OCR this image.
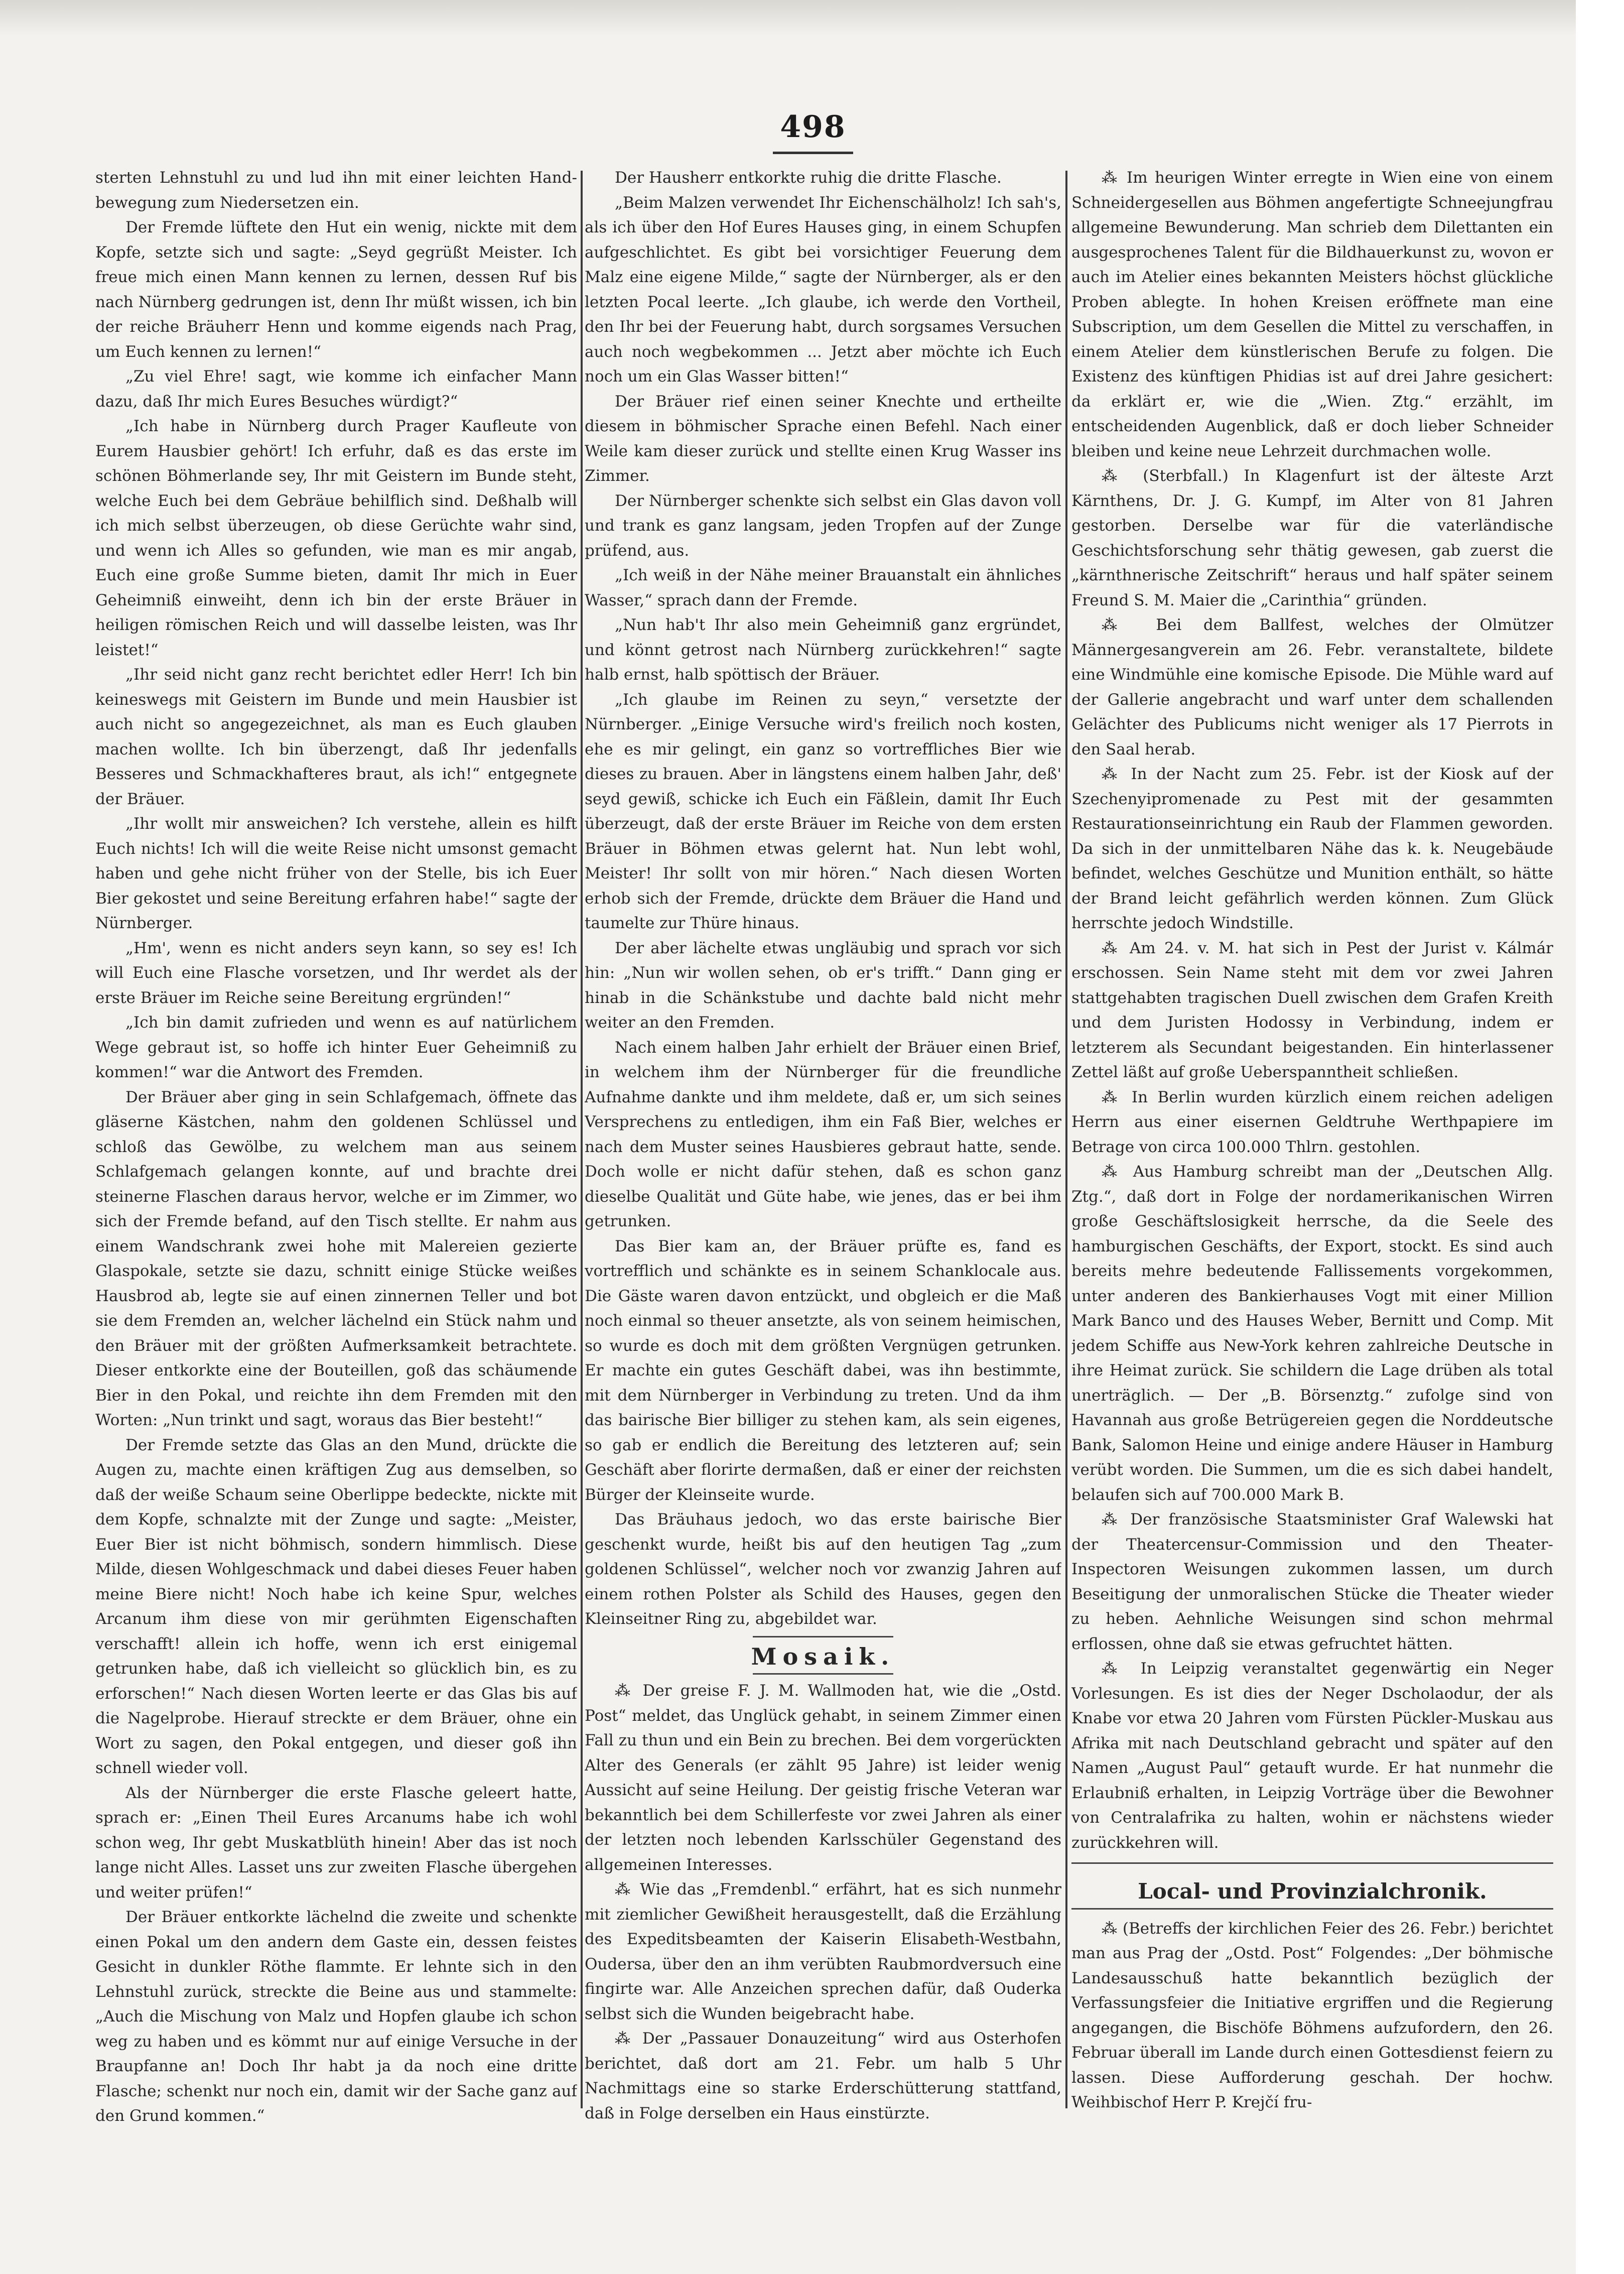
498

sterten Lehnstuhl zu und lud ihn mit einer leichten Hand-bewegung zum Niedersetzen ein.

Der Fremde lüftete den Hut ein wenig, nickte mit dem Kopfe, setzte sich und sagte: „Seyd gegrüßt Meister. Ich freue mich einen Mann kennen zu lernen, dessen Ruf bis nach Nürnberg gedrungen ist, denn Ihr müßt wissen, ich bin der reiche Bräuherr Henn und komme eigends nach Prag, um Euch kennen zu lernen!“

„Zu viel Ehre! sagt, wie komme ich einfacher Mann dazu, daß Ihr mich Eures Besuches würdigt?“

„Ich habe in Nürnberg durch Prager Kaufleute von Eurem Hausbier gehört! Ich erfuhr, daß es das erste im schönen Böhmerlande sey, Ihr mit Geistern im Bunde steht, welche Euch bei dem Gebräue behilflich sind. Deßhalb will ich mich selbst überzeugen, ob diese Gerüchte wahr sind, und wenn ich Alles so gefunden, wie man es mir angab, Euch eine große Summe bieten, damit Ihr mich in Euer Geheimniß einweiht, denn ich bin der erste Bräuer in heiligen römischen Reich und will dasselbe leisten, was Ihr leistet!“

„Ihr seid nicht ganz recht berichtet edler Herr! Ich bin keineswegs mit Geistern im Bunde und mein Hausbier ist auch nicht so angegezeichnet, als man es Euch glauben machen wollte. Ich bin überzengt, daß Ihr jedenfalls Besseres und Schmackhafteres braut, als ich!“ entgegnete der Bräuer.

„Ihr wollt mir answeichen? Ich verstehe, allein es hilft Euch nichts! Ich will die weite Reise nicht umsonst gemacht haben und gehe nicht früher von der Stelle, bis ich Euer Bier gekostet und seine Bereitung erfahren habe!“ sagte der Nürnberger.

„Hm', wenn es nicht anders seyn kann, so sey es! Ich will Euch eine Flasche vorsetzen, und Ihr werdet als der erste Bräuer im Reiche seine Bereitung ergründen!“

„Ich bin damit zufrieden und wenn es auf natürlichem Wege gebraut ist, so hoffe ich hinter Euer Geheimniß zu kommen!“ war die Antwort des Fremden.

Der Bräuer aber ging in sein Schlafgemach, öffnete das gläserne Kästchen, nahm den goldenen Schlüssel und schloß das Gewölbe, zu welchem man aus seinem Schlafgemach gelangen konnte, auf und brachte drei steinerne Flaschen daraus hervor, welche er im Zimmer, wo sich der Fremde befand, auf den Tisch stellte. Er nahm aus einem Wandschrank zwei hohe mit Malereien gezierte Glaspokale, setzte sie dazu, schnitt einige Stücke weißes Hausbrod ab, legte sie auf einen zinnernen Teller und bot sie dem Fremden an, welcher lächelnd ein Stück nahm und den Bräuer mit der größten Aufmerksamkeit betrachtete. Dieser entkorkte eine der Bouteillen, goß das schäumende Bier in den Pokal, und reichte ihn dem Fremden mit den Worten: „Nun trinkt und sagt, woraus das Bier besteht!“

Der Fremde setzte das Glas an den Mund, drückte die Augen zu, machte einen kräftigen Zug aus demselben, so daß der weiße Schaum seine Oberlippe bedeckte, nickte mit dem Kopfe, schnalzte mit der Zunge und sagte: „Meister, Euer Bier ist nicht böhmisch, sondern himmlisch. Diese Milde, diesen Wohlgeschmack und dabei dieses Feuer haben meine Biere nicht! Noch habe ich keine Spur, welches Arcanum ihm diese von mir gerühmten Eigenschaften verschafft! allein ich hoffe, wenn ich erst einigemal getrunken habe, daß ich vielleicht so glücklich bin, es zu erforschen!“ Nach diesen Worten leerte er das Glas bis auf die Nagelprobe. Hierauf streckte er dem Bräuer, ohne ein Wort zu sagen, den Pokal entgegen, und dieser goß ihn schnell wieder voll.

Als der Nürnberger die erste Flasche geleert hatte, sprach er: „Einen Theil Eures Arcanums habe ich wohl schon weg, Ihr gebt Muskatblüth hinein! Aber das ist noch lange nicht Alles. Lasset uns zur zweiten Flasche übergehen und weiter prüfen!“

Der Bräuer entkorkte lächelnd die zweite und schenkte einen Pokal um den andern dem Gaste ein, dessen feistes Gesicht in dunkler Röthe flammte. Er lehnte sich in den Lehnstuhl zurück, streckte die Beine aus und stammelte: „Auch die Mischung von Malz und Hopfen glaube ich schon weg zu haben und es kömmt nur auf einige Versuche in der Braupfanne an! Doch Ihr habt ja da noch eine dritte Flasche; schenkt nur noch ein, damit wir der Sache ganz auf den Grund kommen.“

Der Hausherr entkorkte ruhig die dritte Flasche.

„Beim Malzen verwendet Ihr Eichenschälholz! Ich sah's, als ich über den Hof Eures Hauses ging, in einem Schupfen aufgeschlichtet. Es gibt bei vorsichtiger Feuerung dem Malz eine eigene Milde,“ sagte der Nürnberger, als er den letzten Pocal leerte. „Ich glaube, ich werde den Vortheil, den Ihr bei der Feuerung habt, durch sorgsames Versuchen auch noch wegbekommen ... Jetzt aber möchte ich Euch noch um ein Glas Wasser bitten!“

Der Bräuer rief einen seiner Knechte und ertheilte diesem in böhmischer Sprache einen Befehl. Nach einer Weile kam dieser zurück und stellte einen Krug Wasser ins Zimmer.

Der Nürnberger schenkte sich selbst ein Glas davon voll und trank es ganz langsam, jeden Tropfen auf der Zunge prüfend, aus.

„Ich weiß in der Nähe meiner Brauanstalt ein ähnliches Wasser,“ sprach dann der Fremde.

„Nun hab't Ihr also mein Geheimniß ganz ergründet, und könnt getrost nach Nürnberg zurückkehren!“ sagte halb ernst, halb spöttisch der Bräuer.

„Ich glaube im Reinen zu seyn,“ versetzte der Nürnberger. „Einige Versuche wird's freilich noch kosten, ehe es mir gelingt, ein ganz so vortreffliches Bier wie dieses zu brauen. Aber in längstens einem halben Jahr, deß' seyd gewiß, schicke ich Euch ein Fäßlein, damit Ihr Euch überzeugt, daß der erste Bräuer im Reiche von dem ersten Bräuer in Böhmen etwas gelernt hat. Nun lebt wohl, Meister! Ihr sollt von mir hören.“ Nach diesen Worten erhob sich der Fremde, drückte dem Bräuer die Hand und taumelte zur Thüre hinaus.

Der aber lächelte etwas ungläubig und sprach vor sich hin: „Nun wir wollen sehen, ob er's trifft.“ Dann ging er hinab in die Schänkstube und dachte bald nicht mehr weiter an den Fremden.

Nach einem halben Jahr erhielt der Bräuer einen Brief, in welchem ihm der Nürnberger für die freundliche Aufnahme dankte und ihm meldete, daß er, um sich seines Versprechens zu entledigen, ihm ein Faß Bier, welches er nach dem Muster seines Hausbieres gebraut hatte, sende. Doch wolle er nicht dafür stehen, daß es schon ganz dieselbe Qualität und Güte habe, wie jenes, das er bei ihm getrunken.

Das Bier kam an, der Bräuer prüfte es, fand es vortrefflich und schänkte es in seinem Schanklocale aus. Die Gäste waren davon entzückt, und obgleich er die Maß noch einmal so theuer ansetzte, als von seinem heimischen, so wurde es doch mit dem größten Vergnügen getrunken. Er machte ein gutes Geschäft dabei, was ihn bestimmte, mit dem Nürnberger in Verbindung zu treten. Und da ihm das bairische Bier billiger zu stehen kam, als sein eigenes, so gab er endlich die Bereitung des letzteren auf; sein Geschäft aber florirte dermaßen, daß er einer der reichsten Bürger der Kleinseite wurde.

Das Bräuhaus jedoch, wo das erste bairische Bier geschenkt wurde, heißt bis auf den heutigen Tag „zum goldenen Schlüssel“, welcher noch vor zwanzig Jahren auf einem rothen Polster als Schild des Hauses, gegen den Kleinseitner Ring zu, abgebildet war.

Mosaik.

⁂ Der greise F. J. M. Wallmoden hat, wie die „Ostd. Post“ meldet, das Unglück gehabt, in seinem Zimmer einen Fall zu thun und ein Bein zu brechen. Bei dem vorgerückten Alter des Generals (er zählt 95 Jahre) ist leider wenig Aussicht auf seine Heilung. Der geistig frische Veteran war bekanntlich bei dem Schillerfeste vor zwei Jahren als einer der letzten noch lebenden Karlsschüler Gegenstand des allgemeinen Interesses.

⁂ Wie das „Fremdenbl.“ erfährt, hat es sich nunmehr mit ziemlicher Gewißheit herausgestellt, daß die Erzählung des Expeditsbeamten der Kaiserin Elisabeth-Westbahn, Oudersa, über den an ihm verübten Raubmordversuch eine fingirte war. Alle Anzeichen sprechen dafür, daß Ouderka selbst sich die Wunden beigebracht habe.

⁂ Der „Passauer Donauzeitung“ wird aus Osterhofen berichtet, daß dort am 21. Febr. um halb 5 Uhr Nachmittags eine so starke Erderschütterung stattfand, daß in Folge derselben ein Haus einstürzte.

⁂ Im heurigen Winter erregte in Wien eine von einem Schneidergesellen aus Böhmen angefertigte Schneejungfrau allgemeine Bewunderung. Man schrieb dem Dilettanten ein ausgesprochenes Talent für die Bildhauerkunst zu, wovon er auch im Atelier eines bekannten Meisters höchst glückliche Proben ablegte. In hohen Kreisen eröffnete man eine Subscription, um dem Gesellen die Mittel zu verschaffen, in einem Atelier dem künstlerischen Berufe zu folgen. Die Existenz des künftigen Phidias ist auf drei Jahre gesichert: da erklärt er, wie die „Wien. Ztg.“ erzählt, im entscheidenden Augenblick, daß er doch lieber Schneider bleiben und keine neue Lehrzeit durchmachen wolle.

⁂ (Sterbfall.) In Klagenfurt ist der älteste Arzt Kärnthens, Dr. J. G. Kumpf, im Alter von 81 Jahren gestorben. Derselbe war für die vaterländische Geschichtsforschung sehr thätig gewesen, gab zuerst die „kärnthnerische Zeitschrift“ heraus und half später seinem Freund S. M. Maier die „Carinthia“ gründen.

⁂ Bei dem Ballfest, welches der Olmützer Männergesangverein am 26. Febr. veranstaltete, bildete eine Windmühle eine komische Episode. Die Mühle ward auf der Gallerie angebracht und warf unter dem schallenden Gelächter des Publicums nicht weniger als 17 Pierrots in den Saal herab.

⁂ In der Nacht zum 25. Febr. ist der Kiosk auf der Szechenyipromenade zu Pest mit der gesammten Restaurationseinrichtung ein Raub der Flammen geworden. Da sich in der unmittelbaren Nähe das k. k. Neugebäude befindet, welches Geschütze und Munition enthält, so hätte der Brand leicht gefährlich werden können. Zum Glück herrschte jedoch Windstille.

⁂ Am 24. v. M. hat sich in Pest der Jurist v. Kálmár erschossen. Sein Name steht mit dem vor zwei Jahren stattgehabten tragischen Duell zwischen dem Grafen Kreith und dem Juristen Hodossy in Verbindung, indem er letzterem als Secundant beigestanden. Ein hinterlassener Zettel läßt auf große Ueberspanntheit schließen.

⁂ In Berlin wurden kürzlich einem reichen adeligen Herrn aus einer eisernen Geldtruhe Werthpapiere im Betrage von circa 100.000 Thlrn. gestohlen.

⁂ Aus Hamburg schreibt man der „Deutschen Allg. Ztg.“, daß dort in Folge der nordamerikanischen Wirren große Geschäftslosigkeit herrsche, da die Seele des hamburgischen Geschäfts, der Export, stockt. Es sind auch bereits mehre bedeutende Fallissements vorgekommen, unter anderen des Bankierhauses Vogt mit einer Million Mark Banco und des Hauses Weber, Bernitt und Comp. Mit jedem Schiffe aus New-York kehren zahlreiche Deutsche in ihre Heimat zurück. Sie schildern die Lage drüben als total unerträglich. — Der „B. Börsenztg.“ zufolge sind von Havannah aus große Betrügereien gegen die Norddeutsche Bank, Salomon Heine und einige andere Häuser in Hamburg verübt worden. Die Summen, um die es sich dabei handelt, belaufen sich auf 700.000 Mark B.

⁂ Der französische Staatsminister Graf Walewski hat der Theatercensur-Commission und den Theater-Inspectoren Weisungen zukommen lassen, um durch Beseitigung der unmoralischen Stücke die Theater wieder zu heben. Aehnliche Weisungen sind schon mehrmal erflossen, ohne daß sie etwas gefruchtet hätten.

⁂ In Leipzig veranstaltet gegenwärtig ein Neger Vorlesungen. Es ist dies der Neger Dscholaodur, der als Knabe vor etwa 20 Jahren vom Fürsten Pückler-Muskau aus Afrika mit nach Deutschland gebracht und später auf den Namen „August Paul“ getauft wurde. Er hat nunmehr die Erlaubniß erhalten, in Leipzig Vorträge über die Bewohner von Centralafrika zu halten, wohin er nächstens wieder zurückkehren will.

Local- und Provinzialchronik.

⁂ (Betreffs der kirchlichen Feier des 26. Febr.) berichtet man aus Prag der „Ostd. Post“ Folgendes: „Der böhmische Landesausschuß hatte bekanntlich bezüglich der Verfassungsfeier die Initiative ergriffen und die Regierung angegangen, die Bischöfe Böhmens aufzufordern, den 26. Februar überall im Lande durch einen Gottesdienst feiern zu lassen. Diese Aufforderung geschah. Der hochw. Weihbischof Herr P. Krejčí fru-
